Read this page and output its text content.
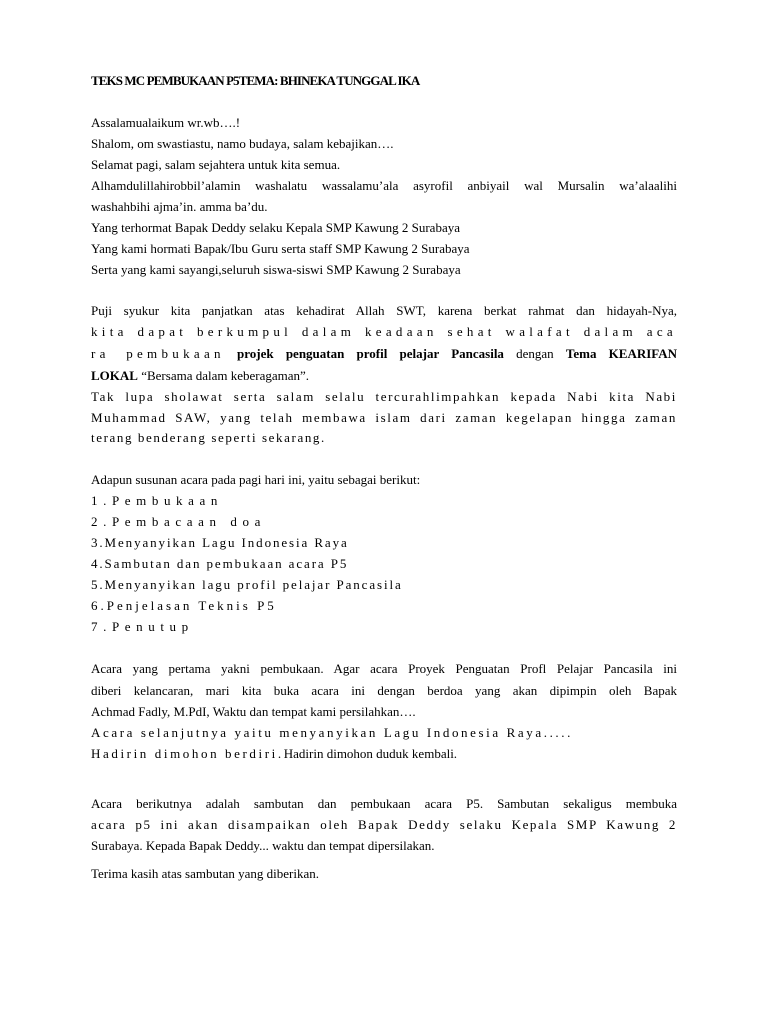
TEKS MC PEMBUKAAN P5TEMA: BHINEKA TUNGGAL IKA
Assalamualaikum wr.wb….!
Shalom, om swastiastu, namo budaya, salam kebajikan….
Selamat pagi, salam sejahtera untuk kita semua.
Alhamdulillahirobbil’alamin washalatu wassalamu’ala asyrofil anbiyail wal Mursalin wa’alaalihi
washahbihi ajma’in. amma ba’du.
Yang terhormat Bapak Deddy selaku Kepala SMP Kawung 2 Surabaya
Yang kami hormati Bapak/Ibu Guru serta staff SMP Kawung 2 Surabaya
Serta yang kami sayangi,seluruh siswa-siswi SMP Kawung 2 Surabaya
Puji syukur kita panjatkan atas kehadirat Allah SWT, karena berkat rahmat dan hidayah-Nya,
kita dapat berkumpul dalam keadaan sehat walafat dalam aca
ra pembukaan projek penguatan profil pelajar Pancasila dengan Tema KEARIFAN
LOKAL “Bersama dalam keberagaman”.
Tak lupa sholawat serta salam selalu tercurahlimpahkan kepada Nabi kita Nabi
Muhammad SAW, yang telah membawa islam dari zaman kegelapan hingga zaman
terang benderang seperti sekarang.
Adapun susunan acara pada pagi hari ini, yaitu sebagai berikut:
1.Pembukaan
2.Pembacaan doa
3.Menyanyikan Lagu Indonesia Raya
4.Sambutan dan pembukaan acara P5
5.Menyanyikan lagu profil pelajar Pancasila
6.Penjelasan Teknis P5
7.Penutup
Acara yang pertama yakni pembukaan. Agar acara Proyek Penguatan Profl Pelajar Pancasila ini
diberi kelancaran, mari kita buka acara ini dengan berdoa yang akan dipimpin oleh Bapak
Achmad Fadly, M.PdI, Waktu dan tempat kami persilahkan….
Acara selanjutnya yaitu menyanyikan Lagu Indonesia Raya.....
Hadirin dimohon berdiri.Hadirin dimohon duduk kembali.
Acara berikutnya adalah sambutan dan pembukaan acara P5. Sambutan sekaligus membuka
acara p5 ini akan disampaikan oleh Bapak Deddy selaku Kepala SMP Kawung 2
Surabaya. Kepada Bapak Deddy... waktu dan tempat dipersilakan.
Terima kasih atas sambutan yang diberikan.
